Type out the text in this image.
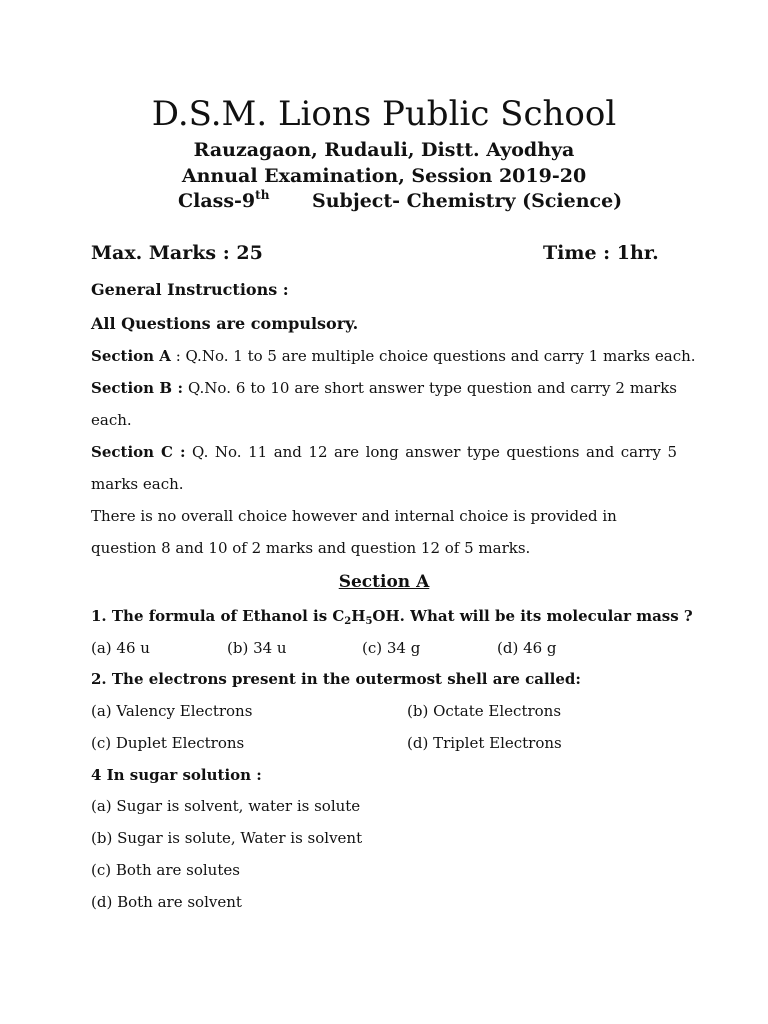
D.S.M. Lions Public School
Rauzagaon, Rudauli, Distt. Ayodhya
Annual Examination, Session 2019-20
Class-9th Subject- Chemistry (Science)
Max. Marks : 25	Time : 1hr.
General Instructions :
All Questions are compulsory.
Section A : Q.No. 1 to 5 are multiple choice questions and carry 1 marks each.
Section B : Q.No. 6 to 10 are short answer type question and carry 2 marks each.
Section C : Q. No. 11 and 12 are long answer type questions and carry 5 marks each.
There is no overall choice however and internal choice is provided in question 8 and 10 of 2 marks and question 12 of 5 marks.
Section A
1. The formula of Ethanol is $C_2H_5OH$. What will be its molecular mass ?
(a) 46 u	(b) 34 u	(c) 34 g	(d) 46 g
2. The electrons present in the outermost shell are called:
(a) Valency Electrons	(b) Octate Electrons
(c) Duplet Electrons	(d) Triplet Electrons
4 In sugar solution :
(a) Sugar is solvent, water is solute
(b) Sugar is solute, Water is solvent
(c) Both are solutes
(d) Both are solvent
